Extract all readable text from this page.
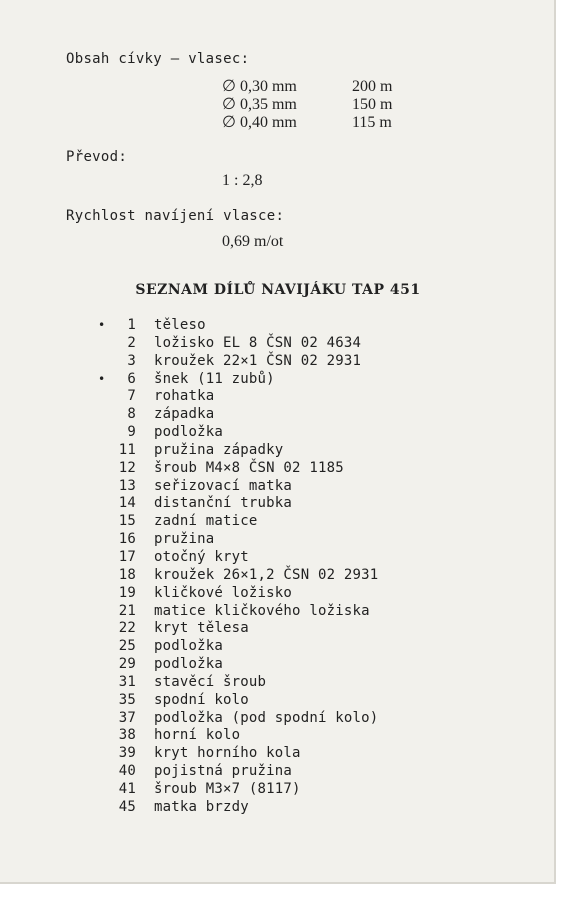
Obsah cívky — vlasec:
∅ 0,30 mm	200 m
∅ 0,35 mm	150 m
∅ 0,40 mm	115 m
Převod:
1 : 2,8
Rychlost navíjení vlasce:
0,69 m/ot
SEZNAM DÍLŮ NAVIJÁKU TAP 451
•	1 těleso
2 ložisko EL 8 ČSN 02 4634
3 kroužek 22×1 ČSN 02 2931
•	6 šnek (11 zubů)
7 rohatka
8 západka
9 podložka
11 pružina západky
12 šroub M4×8 ČSN 02 1185
13 seřizovací matka
14 distanční trubka
15 zadní matice
16 pružina
17 otočný kryt
18 kroužek 26×1,2 ČSN 02 2931
19 kličkové ložisko
21 matice kličkového ložiska
22 kryt tělesa
25 podložka
29 podložka
31 stavěcí šroub
35 spodní kolo
37 podložka (pod spodní kolo)
38 horní kolo
39 kryt horního kola
40 pojistná pružina
41 šroub M3×7 (8117)
45 matka brzdy
